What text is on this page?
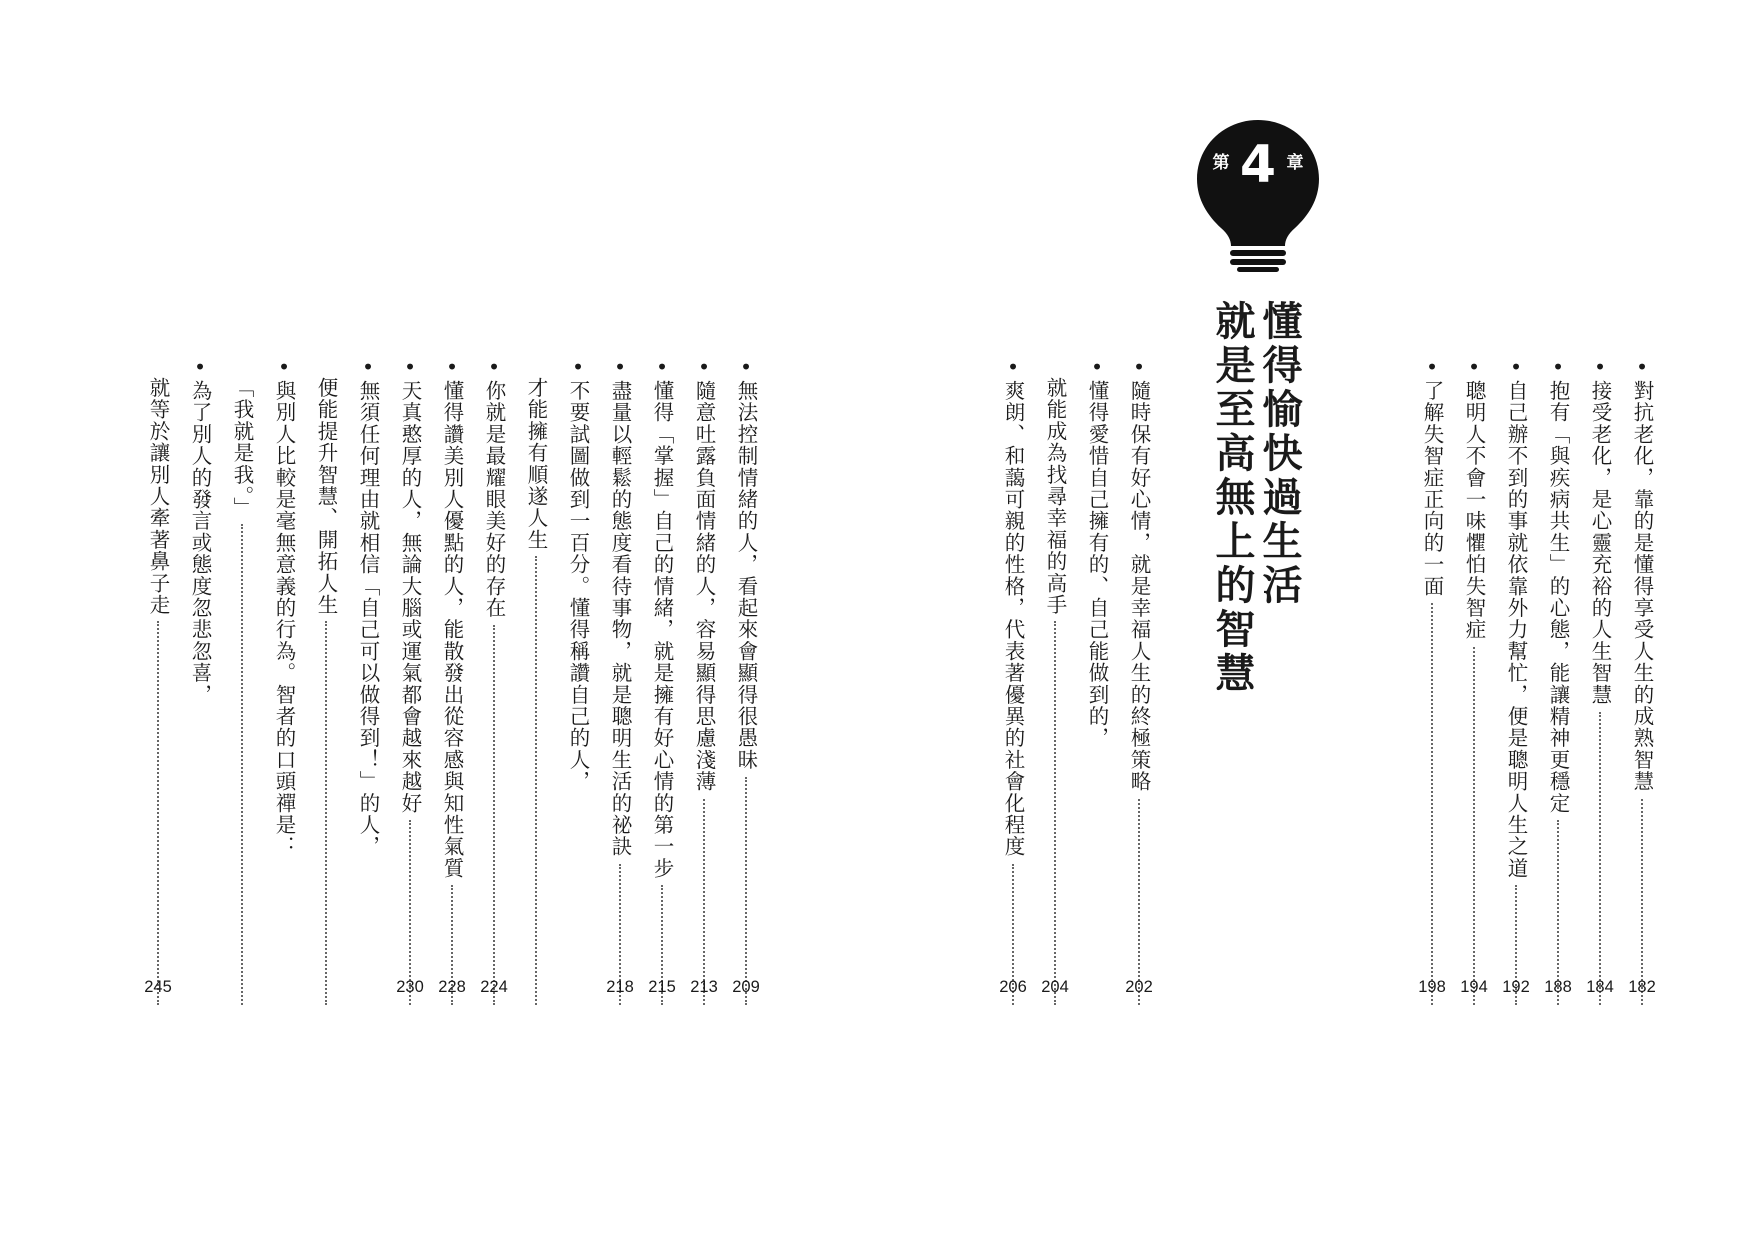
第 4 章
懂得愉快過生活
就是至高無上的智慧	•
對抗老化，靠的是懂得享受人生的成熟智慧
182
•
接受老化，是心靈充裕的人生智慧
184
•
抱有「與疾病共生」的心態，能讓精神更穩定
188
•
自己辦不到的事就依靠外力幫忙，便是聰明人生之道
192
•
聰明人不會一味懼怕失智症
194
•
了解失智症正向的一面
198
•
隨時保有好心情，就是幸福人生的終極策略
202
•
懂得愛惜自己擁有的、自己能做到的，

就能成為找尋幸福的高手
204
•
爽朗、和藹可親的性格，代表著優異的社會化程度
206
•
無法控制情緒的人，看起來會顯得很愚昧
209
•
隨意吐露負面情緒的人，容易顯得思慮淺薄
213
•
懂得「掌握」自己的情緒，就是擁有好心情的第一步
215
•
盡量以輕鬆的態度看待事物，就是聰明生活的祕訣
218
•
不要試圖做到一百分。懂得稱讚自己的人，

才能擁有順遂人生
•
你就是最耀眼美好的存在
224
•
懂得讚美別人優點的人，能散發出從容感與知性氣質
228
•
天真憨厚的人，無論大腦或運氣都會越來越好
230
•
無須任何理由就相信「自己可以做得到！」的人，

便能提升智慧、開拓人生
•
與別人比較是毫無意義的行為。智者的口頭禪是：

「我就是我。」
•
為了別人的發言或態度忽悲忽喜，

就等於讓別人牽著鼻子走
245
